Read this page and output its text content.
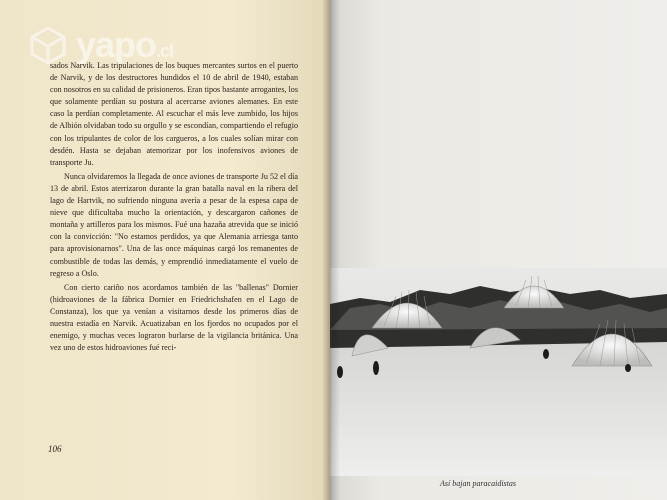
yapo.cl

sados Narvik. Las tripulaciones de los buques mercantes surtos en el puerto de Narvik, y de los destructores hundidos el 10 de abril de 1940, estaban con nosotros en su calidad de prisioneros. Eran tipos bastante arrogantes, los que solamente perdían su postura al acercarse aviones alemanes. En este caso la perdían completamente. Al escuchar el más leve zumbido, los hijos de Albión olvidaban todo su orgullo y se escondían, compartiendo el refugio con los tripulantes de color de los cargueros, a los cuales solían mirar con desdén. Hasta se dejaban atemorizar por los inofensivos aviones de transporte Ju.

Nunca olvidaremos la llegada de once aviones de transporte Ju 52 el día 13 de abril. Estos aterrizaron durante la gran batalla naval en la ribera del lago de Hartvik, no sufriendo ninguna avería a pesar de la espesa capa de nieve que dificultaba mucho la orientación, y descargaron cañones de montaña y artilleros para los mismos. Fué una hazaña atrevida que se inició con la convicción: "No estamos perdidos, ya que Alemania arriesga tanto para aprovisionarnos". Una de las once máquinas cargó los remanentes de combustible de todas las demás, y emprendió inmediatamente el vuelo de regreso a Oslo.

Con cierto cariño nos acordamos también de las "ballenas" Dornier (hidroaviones de la fábrica Dornier en Friedrichshafen en el Lago de Constanza), los que ya venían a visitarnos desde los primeros días de nuestra estadía en Narvik. Acuatizaban en los fjordos no ocupados por el enemigo, y muchas veces lograron burlarse de la vigilancia británica. Una vez uno de estos hidroaviones fué reci-

106
Así bajan paracaidistas
